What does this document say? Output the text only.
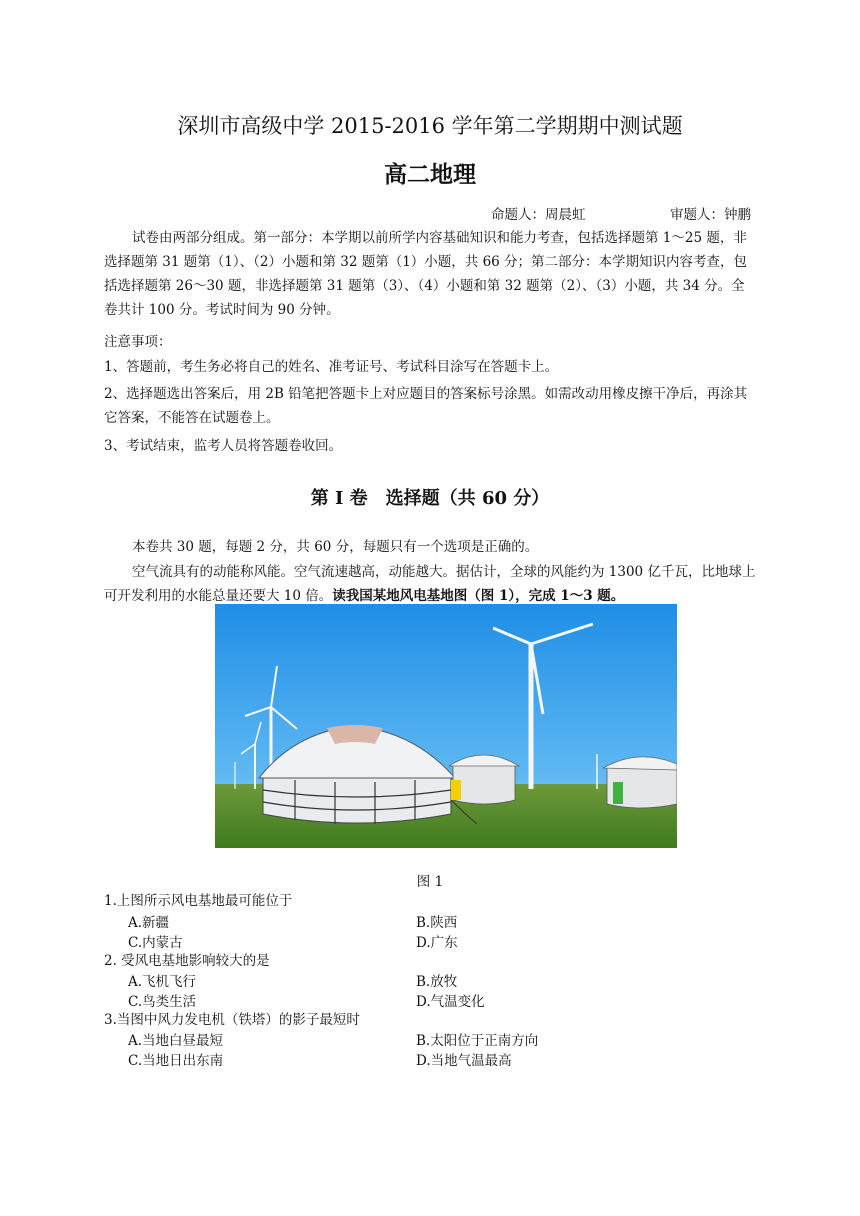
深圳市高级中学 2015-2016 学年第二学期期中测试题
高二地理
命题人：周晨虹	审题人：钟鹏
试卷由两部分组成。第一部分：本学期以前所学内容基础知识和能力考查，包括选择题第 1～25 题，非选择题第 31 题第（1）、（2）小题和第 32 题第（1）小题，共 66 分；第二部分：本学期知识内容考查，包括选择题第 26～30 题，非选择题第 31 题第（3）、（4）小题和第 32 题第（2）、（3）小题，共 34 分。全卷共计 100 分。考试时间为 90 分钟。
注意事项：
1、答题前，考生务必将自己的姓名、准考证号、考试科目涂写在答题卡上。
2、选择题选出答案后，用 2B 铅笔把答题卡上对应题目的答案标号涂黑。如需改动用橡皮擦干净后，再涂其它答案，不能答在试题卷上。
3、考试结束，监考人员将答题卷收回。
第 I 卷　选择题（共 60 分）
本卷共 30 题，每题 2 分，共 60 分，每题只有一个选项是正确的。
空气流具有的动能称风能。空气流速越高，动能越大。据估计，全球的风能约为 1300 亿千瓦，比地球上可开发利用的水能总量还要大 10 倍。读我国某地风电基地图（图 1），完成 1～3 题。
图 1
1.上图所示风电基地最可能位于
A.新疆	B.陕西
C.内蒙古	D.广东
2. 受风电基地影响较大的是
A.飞机飞行	B.放牧
C.鸟类生活	D.气温变化
3.当图中风力发电机（铁塔）的影子最短时
A.当地白昼最短	B.太阳位于正南方向
C.当地日出东南	D.当地气温最高
